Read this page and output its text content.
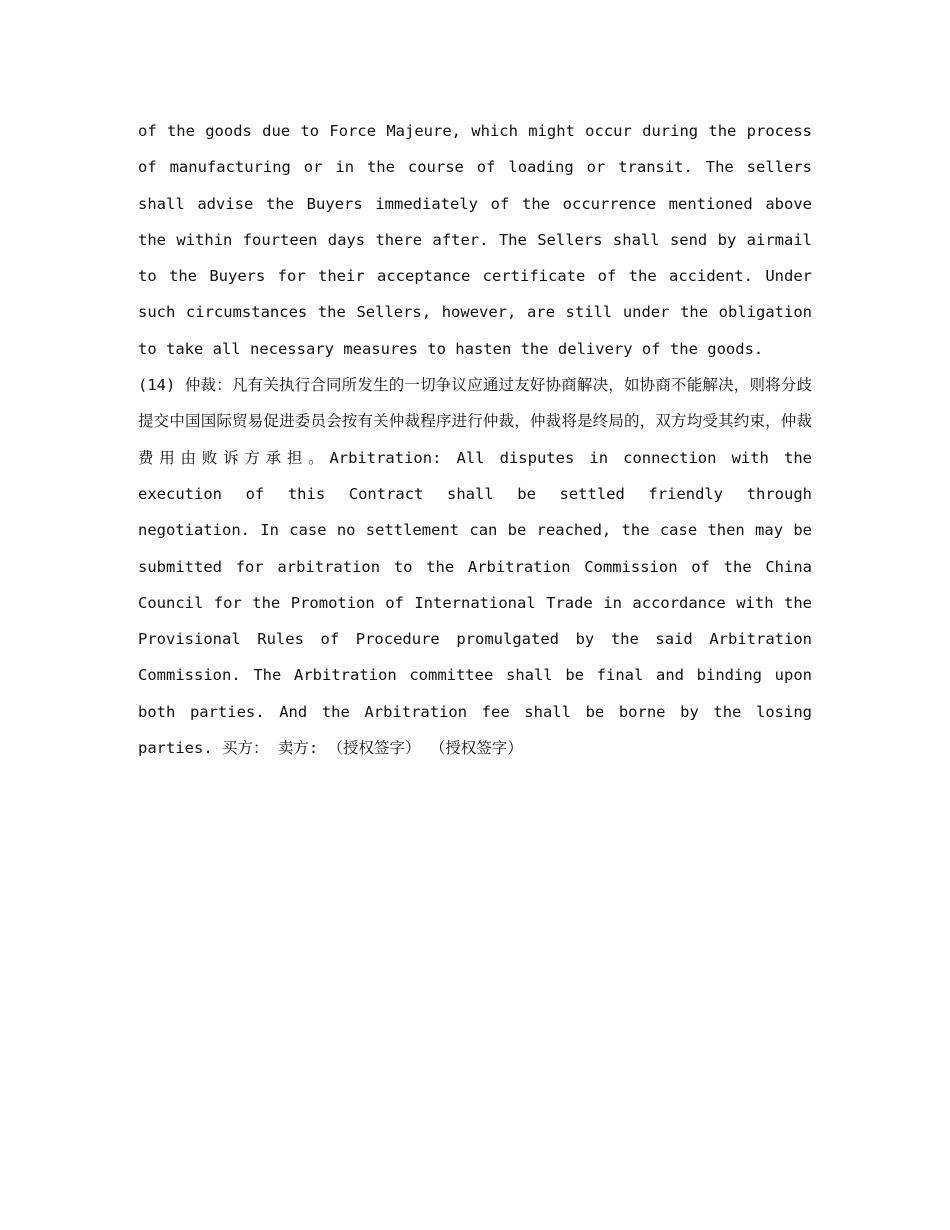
of the goods due to Force Majeure, which might occur during the process of manufacturing or in the course of loading or transit. The sellers shall advise the Buyers immediately of the occurrence mentioned above the within fourteen days there after. The Sellers shall send by airmail to the Buyers for their acceptance certificate of the accident. Under such circumstances the Sellers, however, are still under the obligation to take all necessary measures to hasten the delivery of the goods.

(14) 仲裁：凡有关执行合同所发生的一切争议应通过友好协商解决，如协商不能解决，则将分歧提交中国国际贸易促进委员会按有关仲裁程序进行仲裁，仲裁将是终局的，双方均受其约束，仲裁费用由败诉方承担。Arbitration: All disputes in connection with the execution of this Contract shall be settled friendly through negotiation. In case no settlement can be reached, the case then may be submitted for arbitration to the Arbitration Commission of the China Council for the Promotion of International Trade in accordance with the Provisional Rules of Procedure promulgated by the said Arbitration Commission. The Arbitration committee shall be final and binding upon both parties. And the Arbitration fee shall be borne by the losing parties. 买方： 卖方: （授权签字） （授权签字）
